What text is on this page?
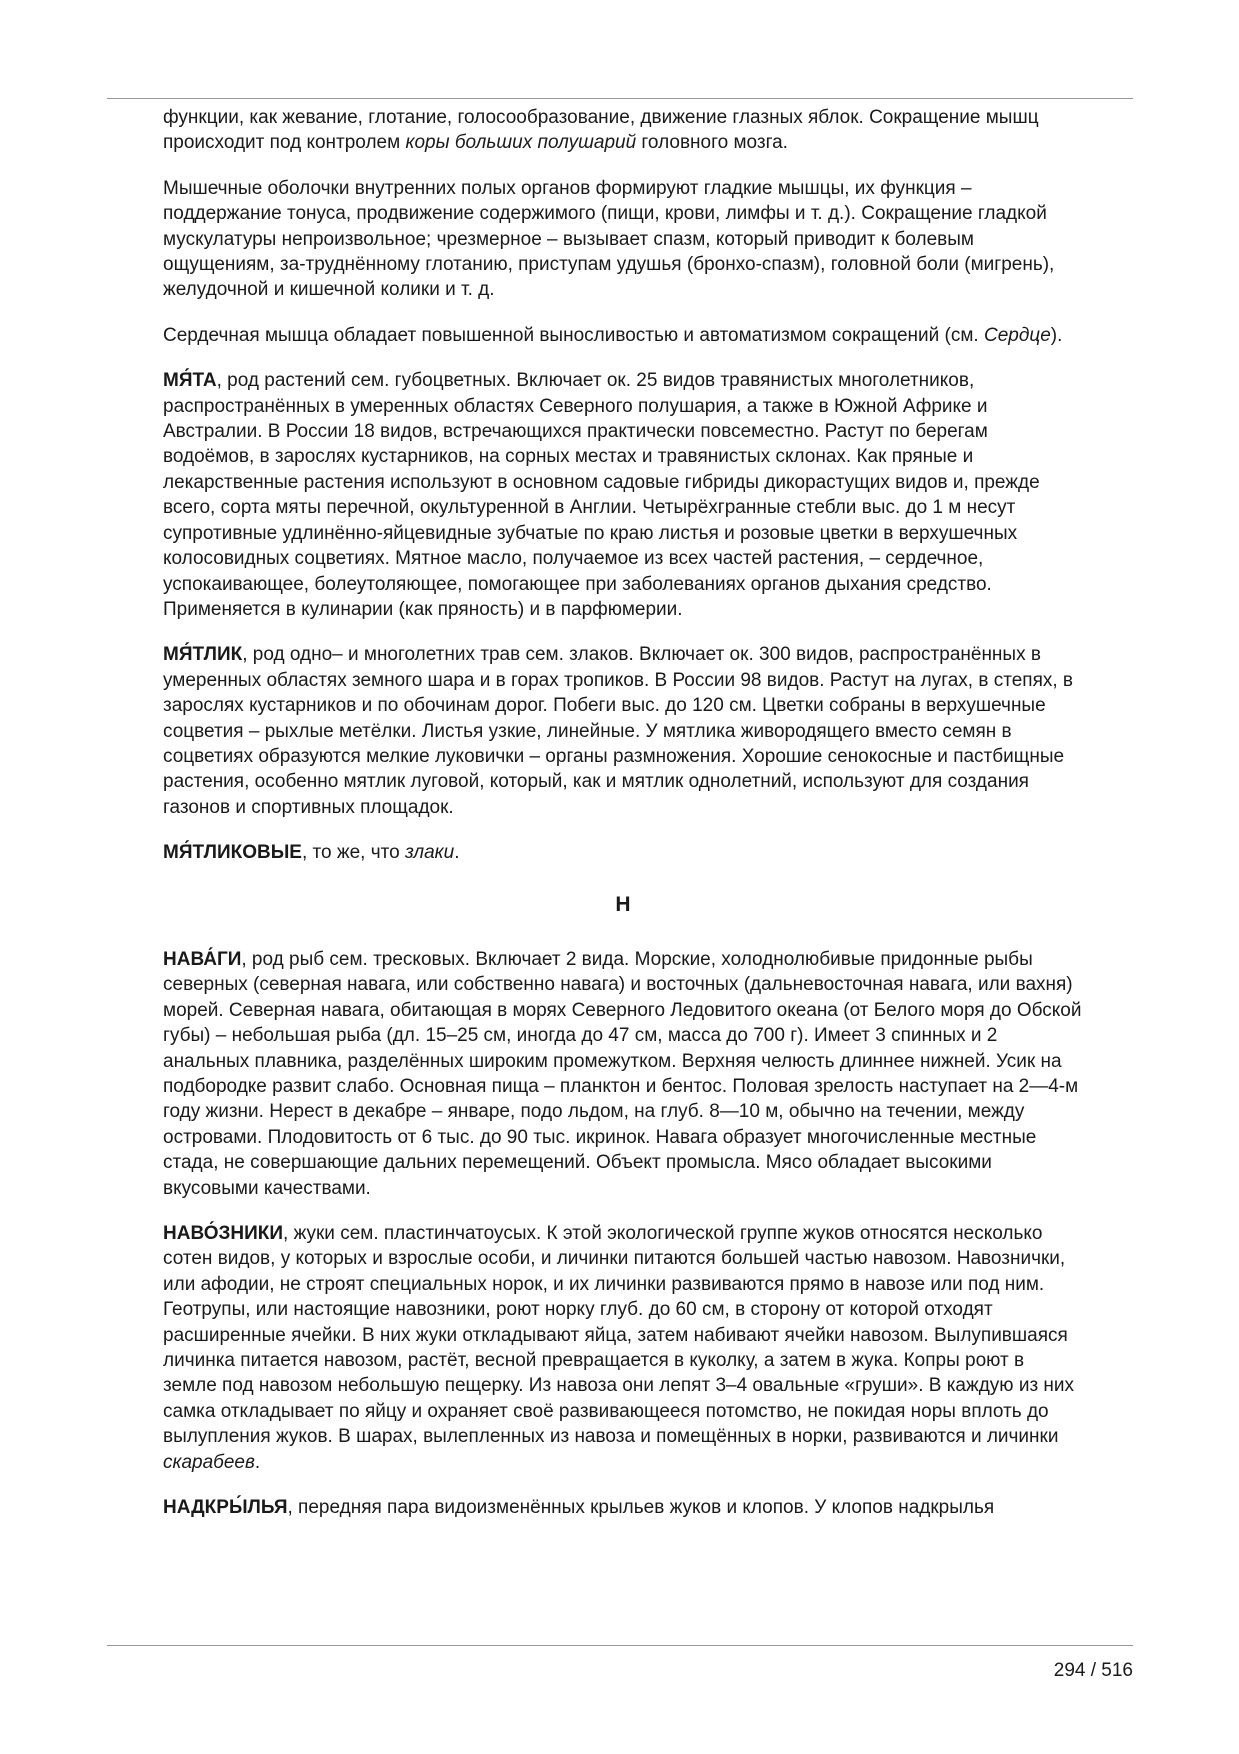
функции, как жевание, глотание, голосообразование, движение глазных яблок. Сокращение мышц происходит под контролем коры больших полушарий головного мозга.

Мышечные оболочки внутренних полых органов формируют гладкие мышцы, их функция – поддержание тонуса, продвижение содержимого (пищи, крови, лимфы и т. д.). Сокращение гладкой мускулатуры непроизвольное; чрезмерное – вызывает спазм, который приводит к болевым ощущениям, за-труднённому глотанию, приступам удушья (бронхо-спазм), головной боли (мигрень), желудочной и кишечной колики и т. д.

Сердечная мышца обладает повышенной выносливостью и автоматизмом сокращений (см. Сердце).

МЯ́ТА, род растений сем. губоцветных. Включает ок. 25 видов травянистых многолетников, распространённых в умеренных областях Северного полушария, а также в Южной Африке и Австралии. В России 18 видов, встречающихся практически повсеместно. Растут по берегам водоёмов, в зарослях кустарников, на сорных местах и травянистых склонах. Как пряные и лекарственные растения используют в основном садовые гибриды дикорастущих видов и, прежде всего, сорта мяты перечной, окультуренной в Англии. Четырёхгранные стебли выс. до 1 м несут супротивные удлинённо-яйцевидные зубчатые по краю листья и розовые цветки в верхушечных колосовидных соцветиях. Мятное масло, получаемое из всех частей растения, – сердечное, успокаивающее, болеутоляющее, помогающее при заболеваниях органов дыхания средство. Применяется в кулинарии (как пряность) и в парфюмерии.

МЯ́ТЛИК, род одно– и многолетних трав сем. злаков. Включает ок. 300 видов, распространённых в умеренных областях земного шара и в горах тропиков. В России 98 видов. Растут на лугах, в степях, в зарослях кустарников и по обочинам дорог. Побеги выс. до 120 см. Цветки собраны в верхушечные соцветия – рыхлые метёлки. Листья узкие, линейные. У мятлика живородящего вместо семян в соцветиях образуются мелкие луковички – органы размножения. Хорошие сенокосные и пастбищные растения, особенно мятлик луговой, который, как и мятлик однолетний, используют для создания газонов и спортивных площадок.

МЯ́ТЛИКОВЫЕ, то же, что злаки.

Н

НАВА́ГИ, род рыб сем. тресковых. Включает 2 вида. Морские, холоднолюбивые придонные рыбы северных (северная навага, или собственно навага) и восточных (дальневосточная навага, или вахня) морей. Северная навага, обитающая в морях Северного Ледовитого океана (от Белого моря до Обской губы) – небольшая рыба (дл. 15–25 см, иногда до 47 см, масса до 700 г). Имеет 3 спинных и 2 анальных плавника, разделённых широким промежутком. Верхняя челюсть длиннее нижней. Усик на подбородке развит слабо. Основная пища – планктон и бентос. Половая зрелость наступает на 2—4-м году жизни. Нерест в декабре – январе, подо льдом, на глуб. 8—10 м, обычно на течении, между островами. Плодовитость от 6 тыс. до 90 тыс. икринок. Навага образует многочисленные местные стада, не совершающие дальних перемещений. Объект промысла. Мясо обладает высокими вкусовыми качествами.

НАВО́ЗНИКИ, жуки сем. пластинчатоусых. К этой экологической группе жуков относятся несколько сотен видов, у которых и взрослые особи, и личинки питаются большей частью навозом. Навознички, или афодии, не строят специальных норок, и их личинки развиваются прямо в навозе или под ним. Геотрупы, или настоящие навозники, роют норку глуб. до 60 см, в сторону от которой отходят расширенные ячейки. В них жуки откладывают яйца, затем набивают ячейки навозом. Вылупившаяся личинка питается навозом, растёт, весной превращается в куколку, а затем в жука. Копры роют в земле под навозом небольшую пещерку. Из навоза они лепят 3–4 овальные «груши». В каждую из них самка откладывает по яйцу и охраняет своё развивающееся потомство, не покидая норы вплоть до вылупления жуков. В шарах, вылепленных из навоза и помещённых в норки, развиваются и личинки скарабеев.

НАДКРЫ́ЛЬЯ, передняя пара видоизменённых крыльев жуков и клопов. У клопов надкрылья

294 / 516
